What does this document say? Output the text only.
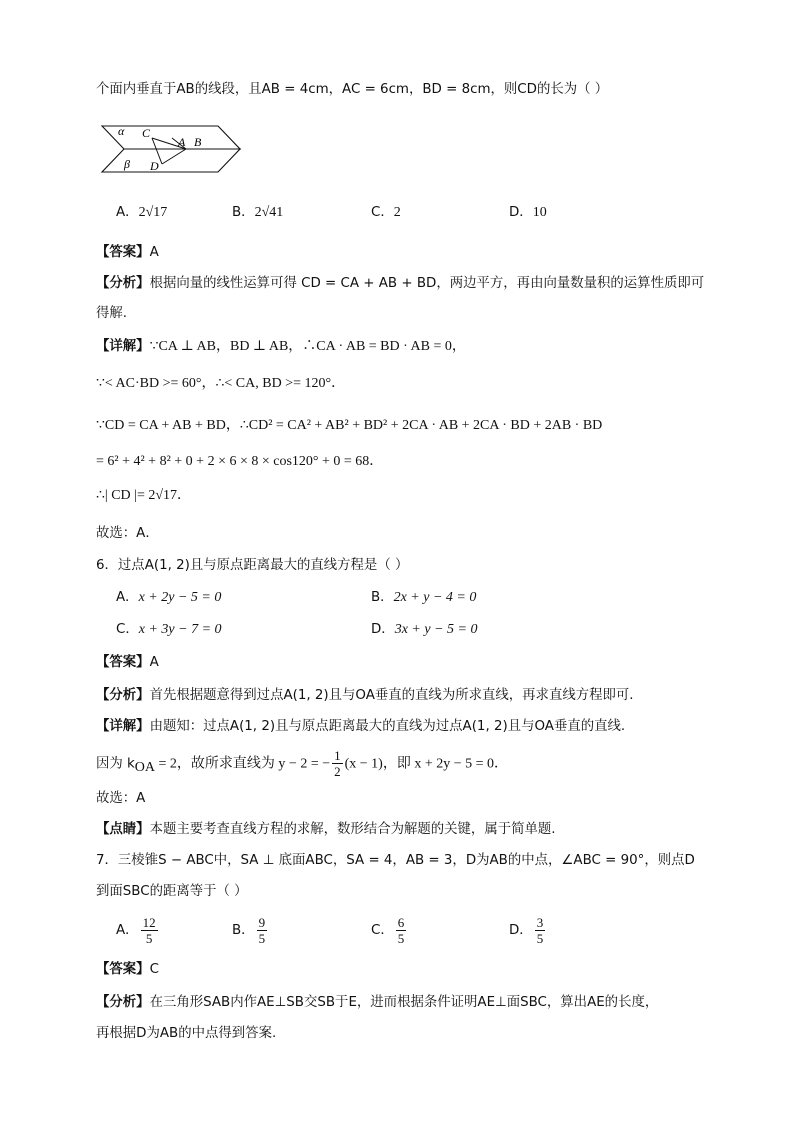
个面内垂直于AB的线段，且AB = 4cm，AC = 6cm，BD = 8cm，则CD的长为（ ）
α C
A B
β D
A．2√17	B．2√41	C．2	D．10
【答案】A
【分析】根据向量的线性运算可得 CD = CA + AB + BD，两边平方，再由向量数量积的运算性质即可
得解.
【详解】∵CA ⊥ AB，BD ⊥ AB，∴CA · AB = BD · AB = 0，
∵< AC·BD >= 60°，∴< CA, BD >= 120°．
∵CD = CA + AB + BD，∴CD² = CA² + AB² + BD² + 2CA · AB + 2CA · BD + 2AB · BD
= 6² + 4² + 8² + 0 + 2 × 6 × 8 × cos120° + 0 = 68．
∴| CD |= 2√17．
故选：A．
6．过点A(1, 2)且与原点距离最大的直线方程是（ ）
A．x + 2y − 5 = 0	B．2x + y − 4 = 0
C．x + 3y − 7 = 0	D．3x + y − 5 = 0
【答案】A
【分析】首先根据题意得到过点A(1, 2)且与OA垂直的直线为所求直线，再求直线方程即可.
【详解】由题知：过点A(1, 2)且与原点距离最大的直线为过点A(1, 2)且与OA垂直的直线.
因为 $k_{OA} = 2$，故所求直线为 y − 2 = − $\frac{1}{2} (x - 1)$，即 x + 2y − 5 = 0．
故选：A
【点睛】本题主要考查直线方程的求解，数形结合为解题的关键，属于简单题.
7．三棱锥S − ABC中，SA ⊥ 底面ABC，SA = 4，AB = 3，D为AB的中点，∠ABC = 90°，则点D
到面SBC的距离等于（ ）
A． $\frac{12}{5}$	B． $\frac{9}{5}$	C． $\frac{6}{5}$	D． $\frac{3}{5}$
【答案】C
【分析】在三角形SAB内作AE⊥SB交SB于E，进而根据条件证明AE⊥面SBC，算出AE的长度，
再根据D为AB的中点得到答案.
